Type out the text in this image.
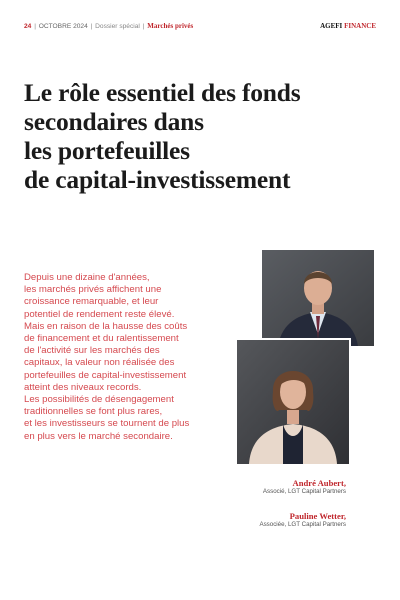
24 | OCTOBRE 2024 | Dossier spécial | Marchés privés	AGEFI FINANCE
Le rôle essentiel des fonds
secondaires dans
les portefeuilles
de capital-investissement
Depuis une dizaine d'années,
les marchés privés affichent une
croissance remarquable, et leur
potentiel de rendement reste élevé.
Mais en raison de la hausse des coûts
de financement et du ralentissement
de l'activité sur les marchés des
capitaux, la valeur non réalisée des
portefeuilles de capital-investissement
atteint des niveaux records.
Les possibilités de désengagement
traditionnelles se font plus rares,
et les investisseurs se tournent de plus
en plus vers le marché secondaire.
André Aubert,
Associé, LGT Capital Partners
Pauline Wetter,
Associée, LGT Capital Partners
